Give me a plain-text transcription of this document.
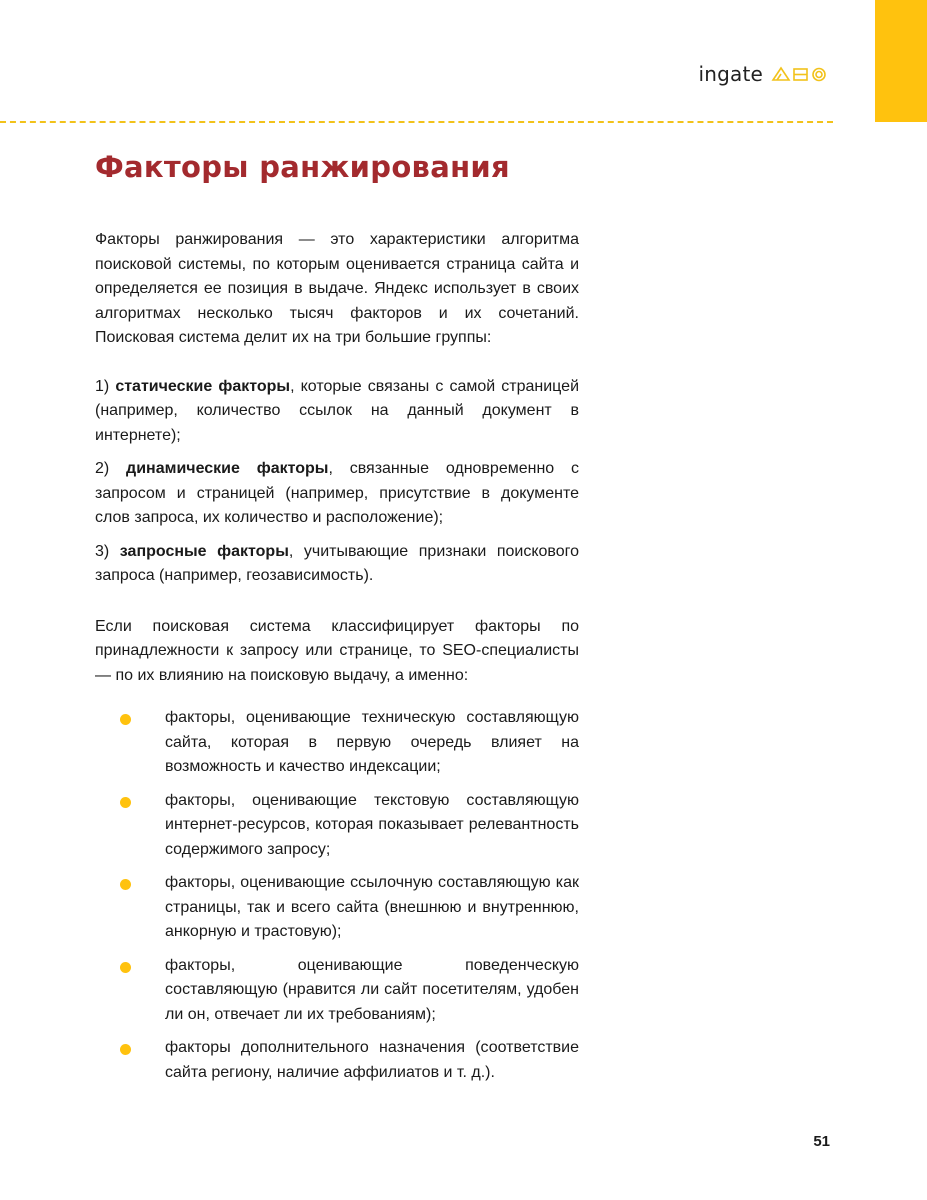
ingate
Факторы ранжирования

Факторы ранжирования — это характеристики алгоритма поисковой системы, по которым оценивается страница сайта и определяется ее позиция в выдаче. Яндекс использует в своих алгоритмах несколько тысяч факторов и их сочетаний. Поисковая система делит их на три большие группы:

1) статические факторы, которые связаны с самой страницей (например, количество ссылок на данный документ в интернете);

2) динамические факторы, связанные одновременно с запросом и страницей (например, присутствие в документе слов запроса, их количество и расположение);

3) запросные факторы, учитывающие признаки поискового запроса (например, геозависимость).

Если поисковая система классифицирует факторы по принадлежности к запросу или странице, то SEO-специалисты — по их влиянию на поисковую выдачу, а именно:

факторы, оценивающие техническую составляющую сайта, которая в первую очередь влияет на возможность и качество индексации;
факторы, оценивающие текстовую составляющую интернет-ресурсов, которая показывает релевантность содержимого запросу;
факторы, оценивающие ссылочную составляющую как страницы, так и всего сайта (внешнюю и внутреннюю, анкорную и трастовую);
факторы, оценивающие поведенческую составляющую (нравится ли сайт посетителям, удобен ли он, отвечает ли их требованиям);
факторы дополнительного назначения (соответствие сайта региону, наличие аффилиатов и т. д.).
51
